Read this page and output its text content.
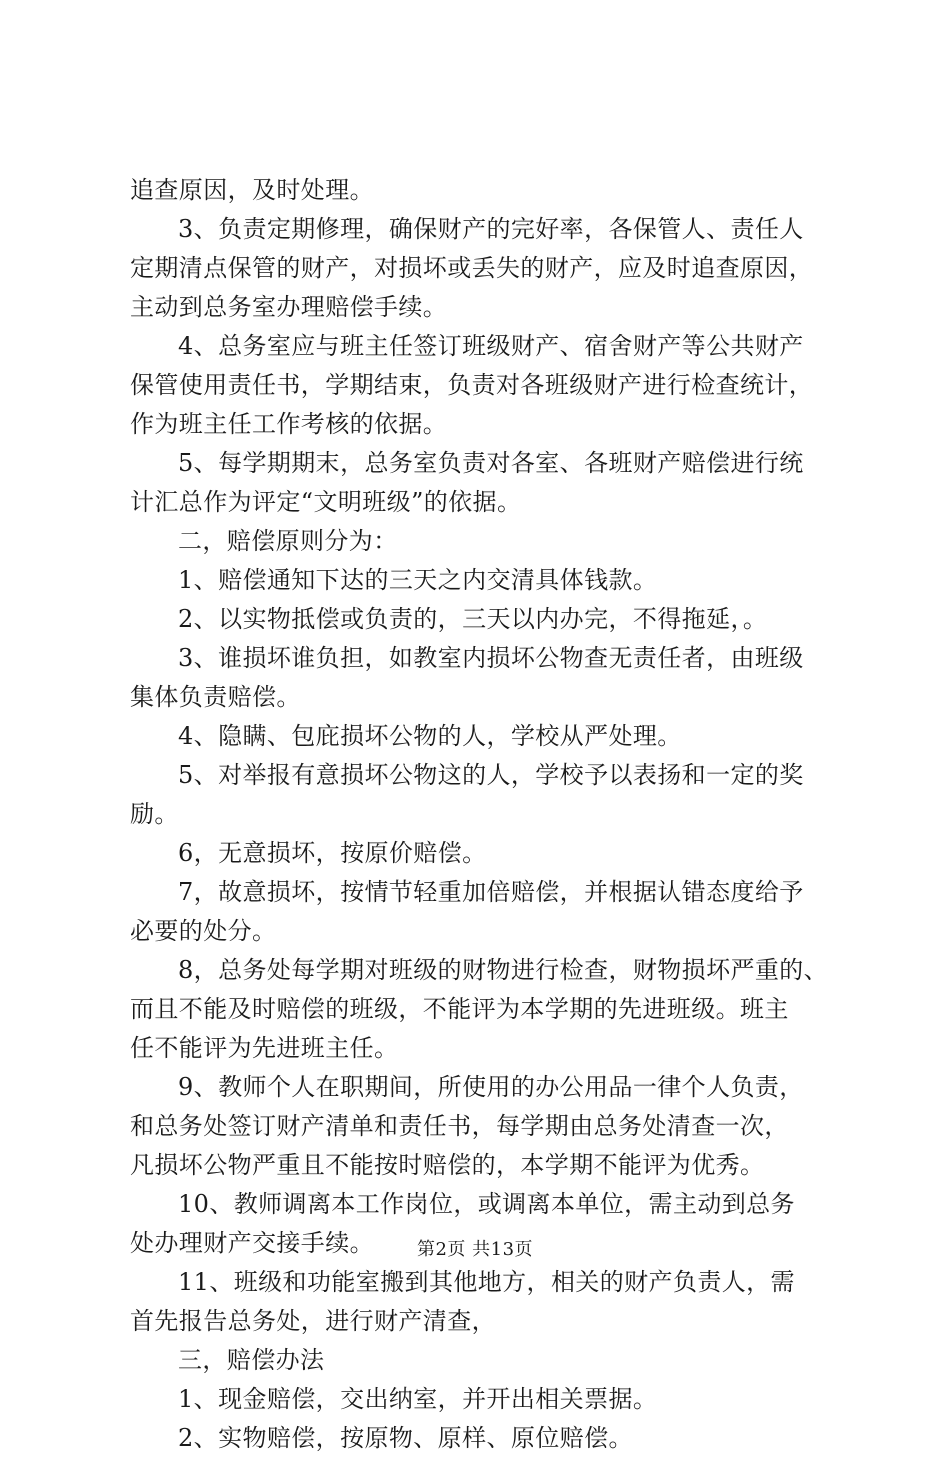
追查原因，及时处理。
3、负责定期修理，确保财产的完好率，各保管人、责任人
定期清点保管的财产，对损坏或丢失的财产，应及时追查原因，
主动到总务室办理赔偿手续。
4、总务室应与班主任签订班级财产、宿舍财产等公共财产
保管使用责任书，学期结束，负责对各班级财产进行检查统计，
作为班主任工作考核的依据。
5、每学期期末，总务室负责对各室、各班财产赔偿进行统
计汇总作为评定“文明班级”的依据。
二，赔偿原则分为：
1、赔偿通知下达的三天之内交清具体钱款。
2、以实物抵偿或负责的，三天以内办完，不得拖延，。
3、谁损坏谁负担，如教室内损坏公物查无责任者，由班级
集体负责赔偿。
4、隐瞒、包庇损坏公物的人，学校从严处理。
5、对举报有意损坏公物这的人，学校予以表扬和一定的奖
励。
6，无意损坏，按原价赔偿。
7，故意损坏，按情节轻重加倍赔偿，并根据认错态度给予
必要的处分。
8，总务处每学期对班级的财物进行检查，财物损坏严重的、
而且不能及时赔偿的班级，不能评为本学期的先进班级。班主
任不能评为先进班主任。
9、教师个人在职期间，所使用的办公用品一律个人负责，
和总务处签订财产清单和责任书，每学期由总务处清查一次，
凡损坏公物严重且不能按时赔偿的，本学期不能评为优秀。
10、教师调离本工作岗位，或调离本单位，需主动到总务
处办理财产交接手续。
11、班级和功能室搬到其他地方，相关的财产负责人，需
首先报告总务处，进行财产清查，
三，赔偿办法
1、现金赔偿，交出纳室，并开出相关票据。
2、实物赔偿，按原物、原样、原位赔偿。
第2页 共13页
